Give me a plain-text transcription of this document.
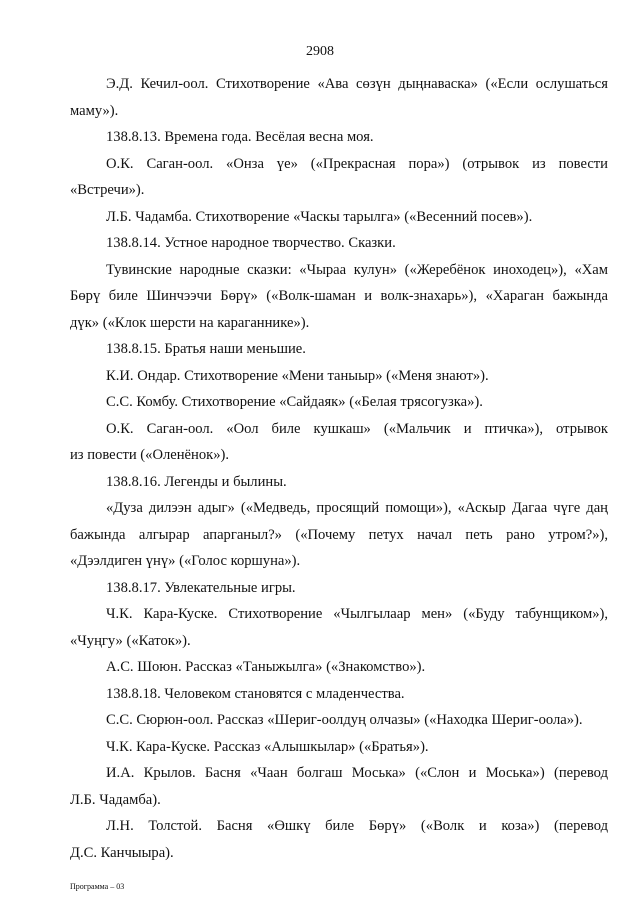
2908
Э.Д. Кечил-оол. Стихотворение «Ава сөзүн дыңнаваска» («Если ослушаться
маму»).
138.8.13. Времена года. Весёлая весна моя.
О.К. Саган-оол. «Онза үе» («Прекрасная пора») (отрывок из повести
«Встречи»).
Л.Б. Чадамба. Стихотворение «Часкы тарылга» («Весенний посев»).
138.8.14. Устное народное творчество. Сказки.
Тувинские народные сказки: «Чыраа кулун» («Жеребёнок иноходец»), «Хам
Бөрү биле Шинчээчи Бөрү» («Волк-шаман и волк-знахарь»), «Хараган бажында
дүк» («Клок шерсти на караганнике»).
138.8.15. Братья наши меньшие.
К.И. Ондар. Стихотворение «Мени таныыр» («Меня знают»).
С.С. Комбу. Стихотворение «Сайдаяк» («Белая трясогузка»).
О.К. Саган-оол. «Оол биле кушкаш» («Мальчик и птичка»), отрывок
из повести («Оленёнок»).
138.8.16. Легенды и былины.
«Дуза дилээн адыг» («Медведь, просящий помощи»), «Аскыр Дагаа чүге даң
бажында алгырар апарганыл?» («Почему петух начал петь рано утром?»),
«Дээлдиген үнү» («Голос коршуна»).
138.8.17. Увлекательные игры.
Ч.К. Кара-Куске. Стихотворение «Чылгылаар мен» («Буду табунщиком»),
«Чуңгу» («Каток»).
А.С. Шоюн. Рассказ «Таныжылга» («Знакомство»).
138.8.18. Человеком становятся с младенчества.
С.С. Сюрюн-оол. Рассказ «Шериг-оолдуң олчазы» («Находка Шериг-оола»).
Ч.К. Кара-Куске. Рассказ «Алышкылар» («Братья»).
И.А. Крылов. Басня «Чаан болгаш Моська» («Слон и Моська») (перевод
Л.Б. Чадамба).
Л.Н. Толстой. Басня «Өшкү биле Бөрү» («Волк и коза») (перевод
Д.С. Канчыыра).
Программа – 03
